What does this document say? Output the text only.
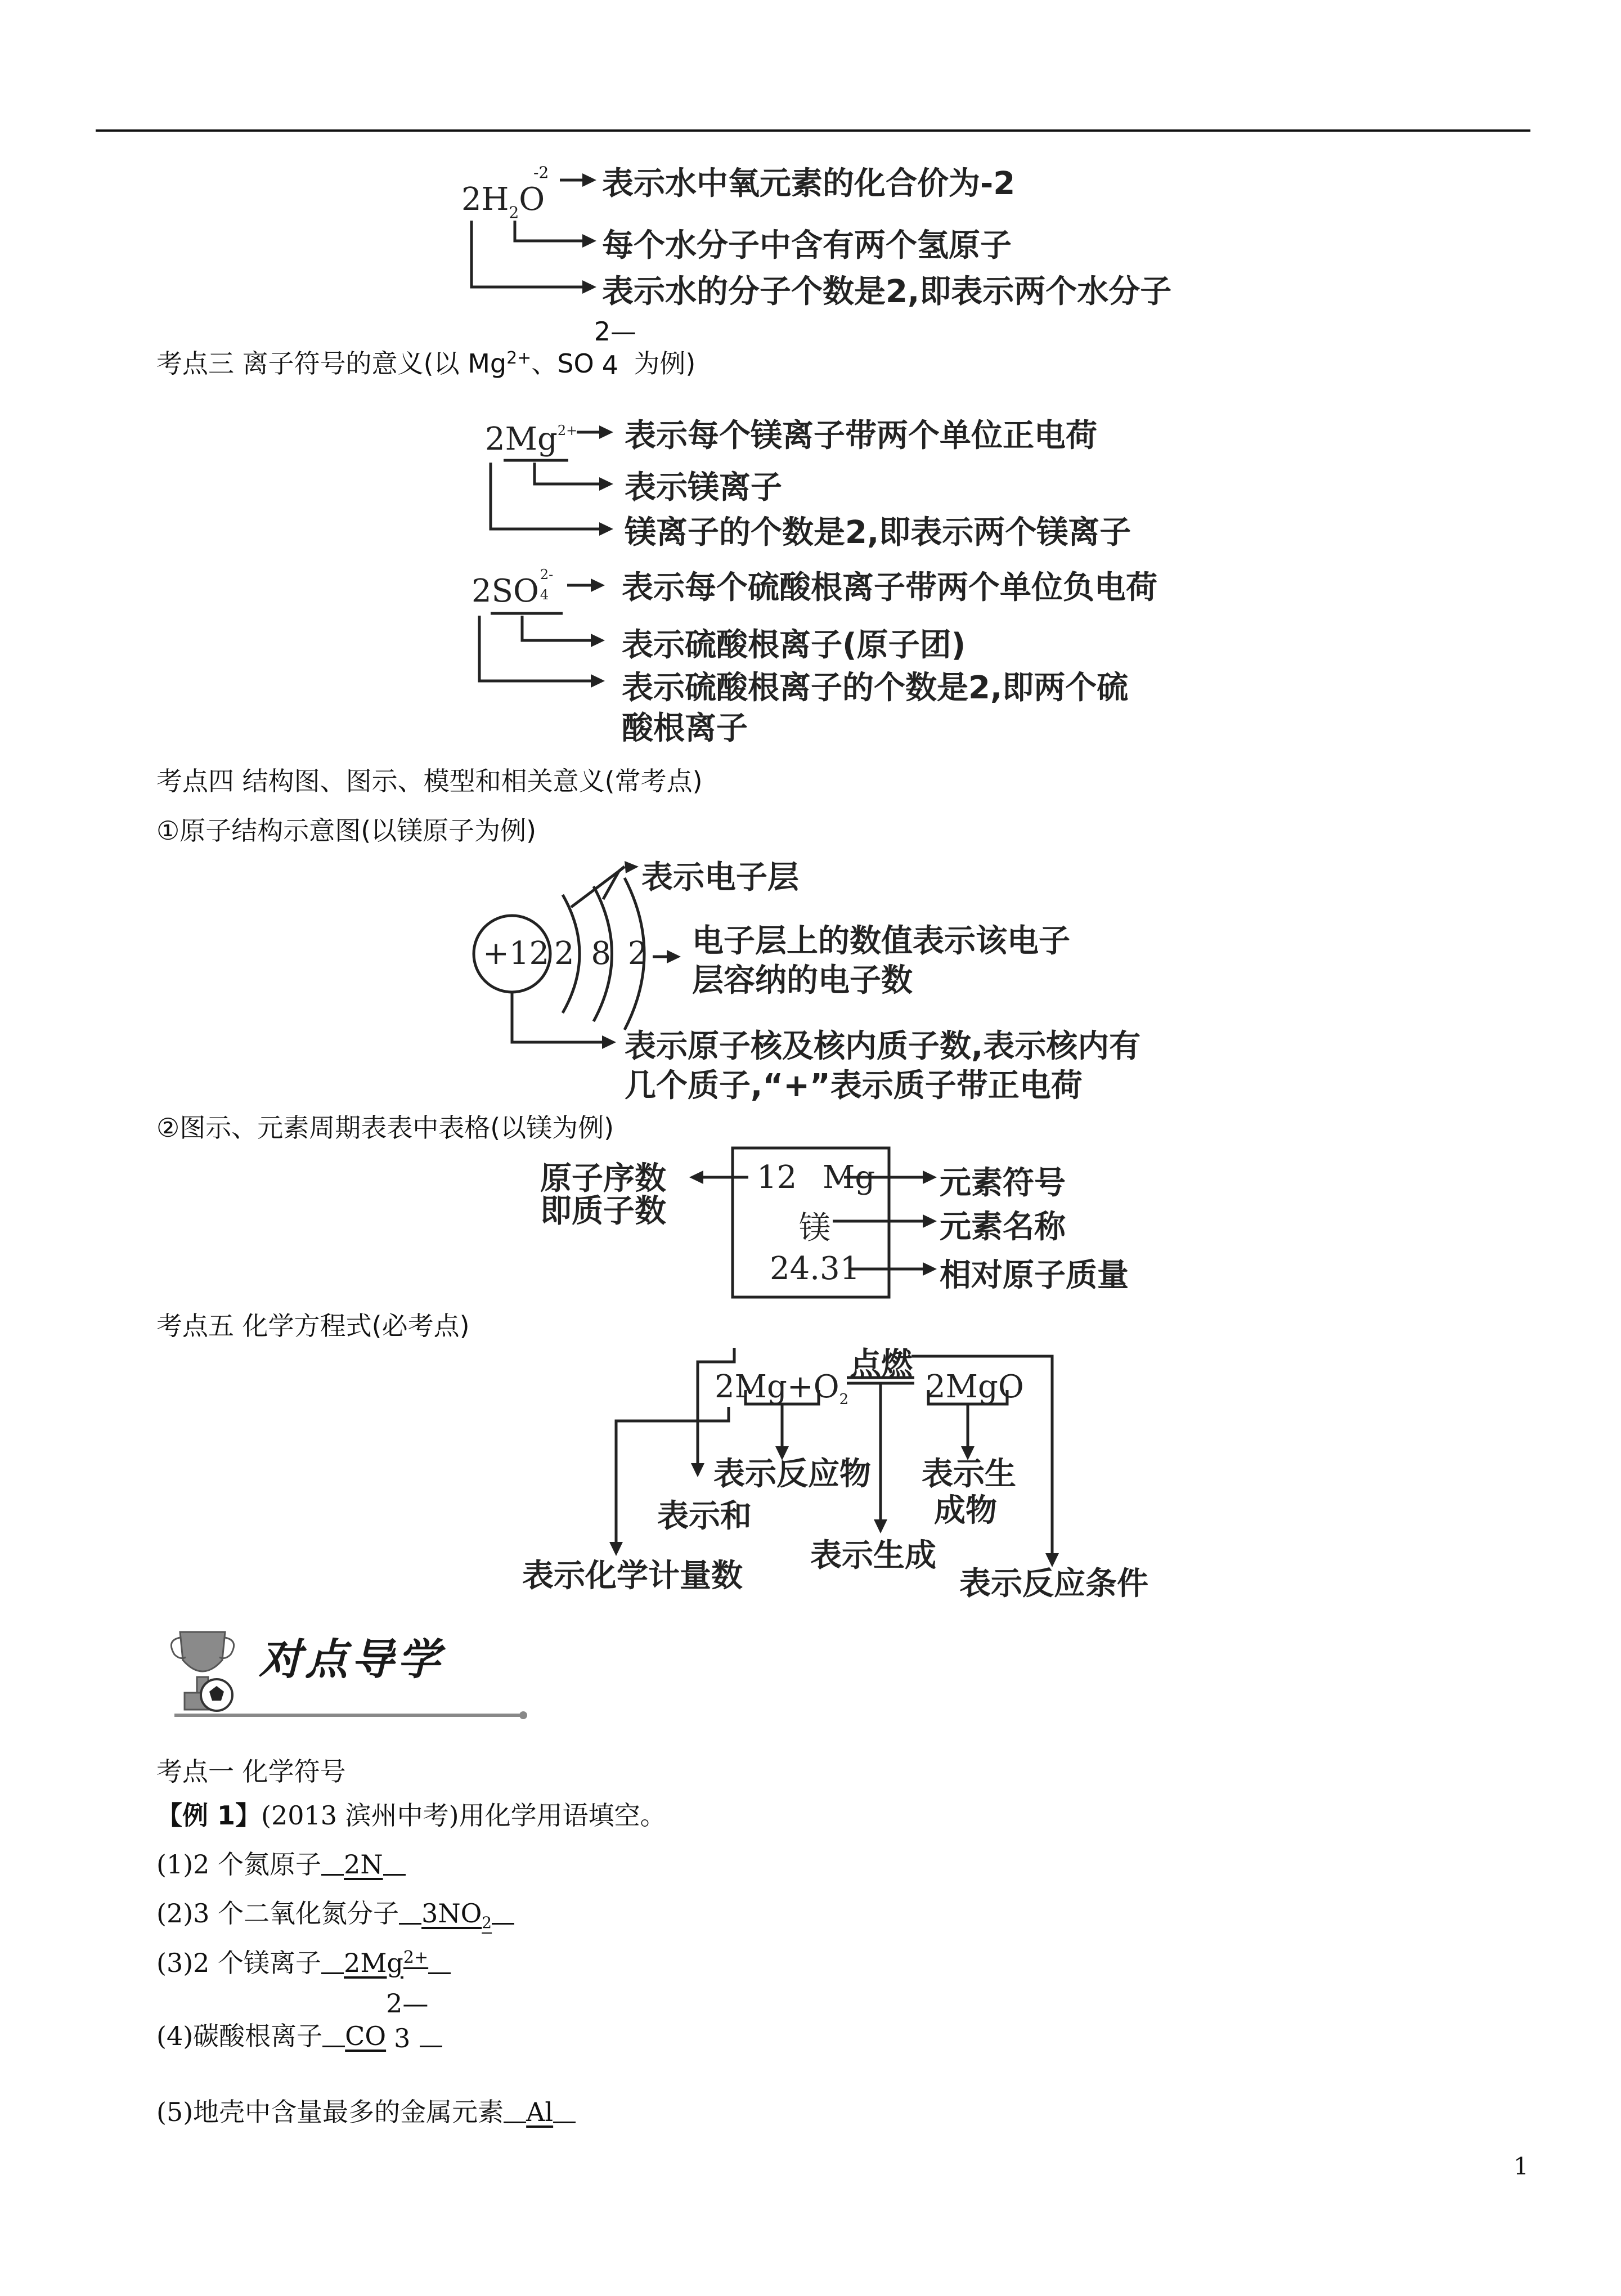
$2H_2O$
-2 表示水中氧元素的化合价为-2
每个水分子中含有两个氢原子
表示水的分子个数是2,即表示两个水分子
考点三 离子符号的意义(以 $Mg^{2+}$、SO
2—
4 为例)
$2Mg^{2+}$ 表示每个镁离子带两个单位正电荷
表示镁离子
镁离子的个数是2,即表示两个镁离子
2SO 2-
4 表示每个硫酸根离子带两个单位负电荷
表示硫酸根离子(原子团)
表示硫酸根离子的个数是2,即两个硫
酸根离子
考点四 结构图、图示、模型和相关意义(常考点)
①原子结构示意图(以镁原子为例)
+12 2 8 2
表示电子层
电子层上的数值表示该电子
层容纳的电子数
表示原子核及核内质子数,表示核内有
几个质子,“+”表示质子带正电荷
②图示、元素周期表表中表格(以镁为例)
12 Mg
镁
24.31
原子序数
即质子数
元素符号
元素名称
相对原子质量
考点五 化学方程式(必考点)
$2Mg+O_2$
点燃
2MgO
表示反应物 表示生
成物
表示和
表示化学计量数
表示生成
表示反应条件
对点导学
考点一 化学符号
【例 1】(2013 滨州中考)用化学用语填空。
(1)2 个氮原子 2N
(2)3 个二氧化氮分子 $3NO_2$
(3)2 个镁离子 $2Mg^{2+}$
(4)碳酸根离子 CO
2—
3
(5)地壳中含量最多的金属元素 Al
1
